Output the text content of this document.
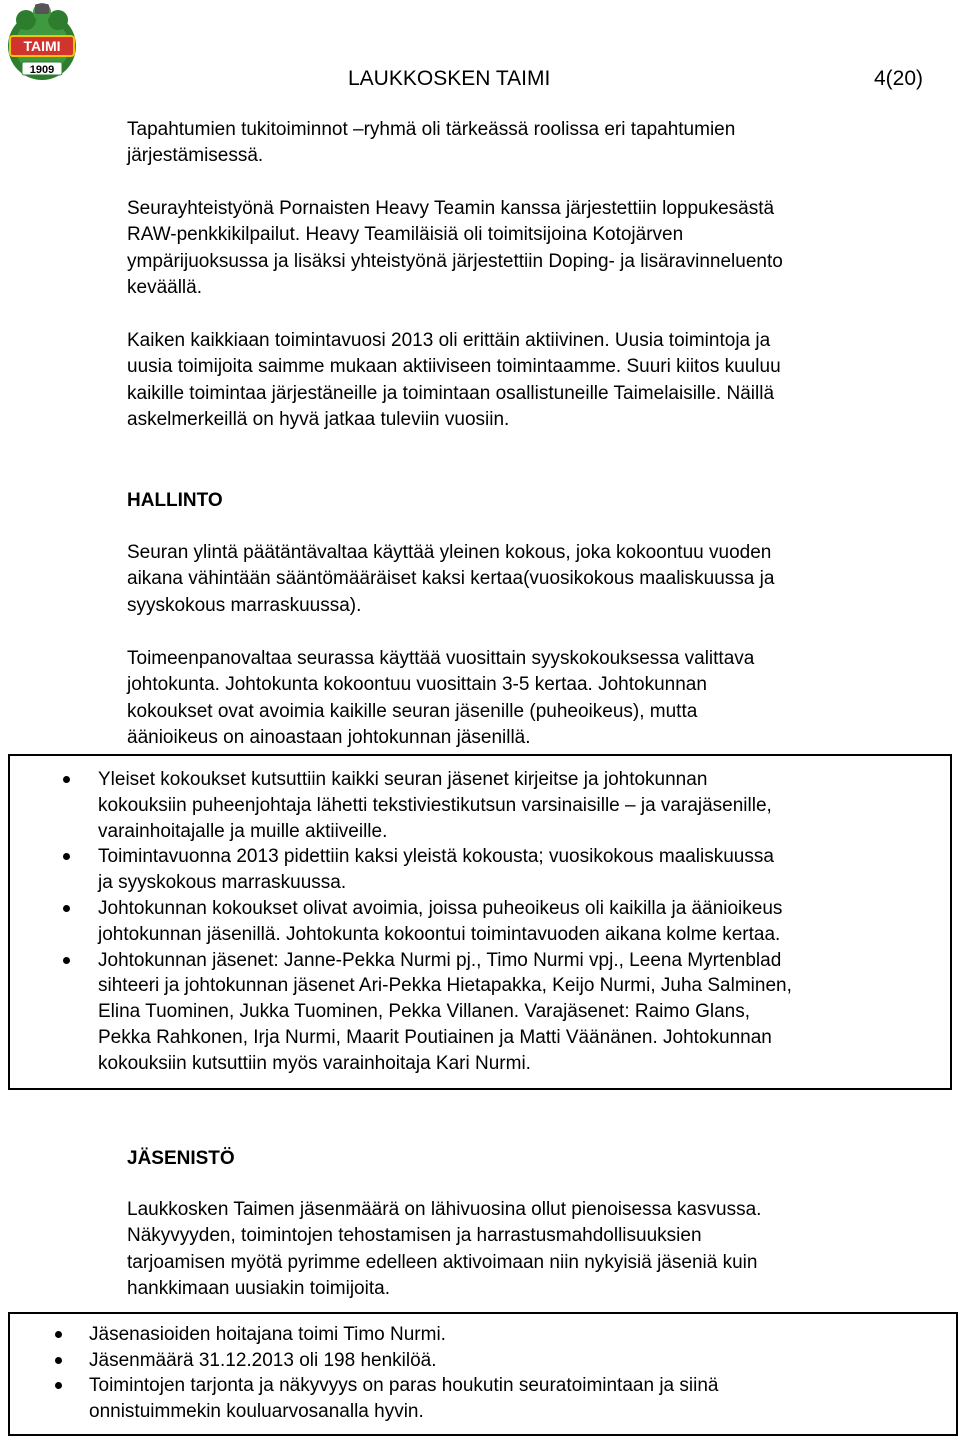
TAIMI
1909	LAUKKOSKEN TAIMI	4(20)

Tapahtumien tukitoiminnot –ryhmä oli tärkeässä roolissa eri tapahtumien
järjestämisessä.

Seurayhteistyönä Pornaisten Heavy Teamin kanssa järjestettiin loppukesästä
RAW-penkkikilpailut. Heavy Teamiläisiä oli toimitsijoina Kotojärven
ympärijuoksussa ja lisäksi yhteistyönä järjestettiin Doping- ja lisäravinneluento
keväällä.

Kaiken kaikkiaan toimintavuosi 2013 oli erittäin aktiivinen. Uusia toimintoja ja
uusia toimijoita saimme mukaan aktiiviseen toimintaamme. Suuri kiitos kuuluu
kaikille toimintaa järjestäneille ja toimintaan osallistuneille Taimelaisille. Näillä
askelmerkeillä on hyvä jatkaa tuleviin vuosiin.

HALLINTO

Seuran ylintä päätäntävaltaa käyttää yleinen kokous, joka kokoontuu vuoden
aikana vähintään sääntömääräiset kaksi kertaa(vuosikokous maaliskuussa ja
syyskokous marraskuussa).

Toimeenpanovaltaa seurassa käyttää vuosittain syyskokouksessa valittava
johtokunta. Johtokunta kokoontuu vuosittain 3-5 kertaa. Johtokunnan
kokoukset ovat avoimia kaikille seuran jäsenille (puheoikeus), mutta
äänioikeus on ainoastaan johtokunnan jäsenillä.

Yleiset kokoukset kutsuttiin kaikki seuran jäsenet kirjeitse ja johtokunnan
kokouksiin puheenjohtaja lähetti tekstiviestikutsun varsinaisille – ja varajäsenille,
varainhoitajalle ja muille aktiiveille.
Toimintavuonna 2013 pidettiin kaksi yleistä kokousta; vuosikokous maaliskuussa
ja syyskokous marraskuussa.
Johtokunnan kokoukset olivat avoimia, joissa puheoikeus oli kaikilla ja äänioikeus
johtokunnan jäsenillä. Johtokunta kokoontui toimintavuoden aikana kolme kertaa.
Johtokunnan jäsenet: Janne-Pekka Nurmi pj., Timo Nurmi vpj., Leena Myrtenblad
sihteeri ja johtokunnan jäsenet Ari-Pekka Hietapakka, Keijo Nurmi, Juha Salminen,
Elina Tuominen, Jukka Tuominen, Pekka Villanen. Varajäsenet: Raimo Glans,
Pekka Rahkonen, Irja Nurmi, Maarit Poutiainen ja Matti Väänänen. Johtokunnan
kokouksiin kutsuttiin myös varainhoitaja Kari Nurmi.
JÄSENISTÖ

Laukkosken Taimen jäsenmäärä on lähivuosina ollut pienoisessa kasvussa.
Näkyvyyden, toimintojen tehostamisen ja harrastusmahdollisuuksien
tarjoamisen myötä pyrimme edelleen aktivoimaan niin nykyisiä jäseniä kuin
hankkimaan uusiakin toimijoita.

Jäsenasioiden hoitajana toimi Timo Nurmi.
Jäsenmäärä 31.12.2013 oli 198 henkilöä.
Toimintojen tarjonta ja näkyvyys on paras houkutin seuratoimintaan ja siinä
onnistuimmekin kouluarvosanalla hyvin.
